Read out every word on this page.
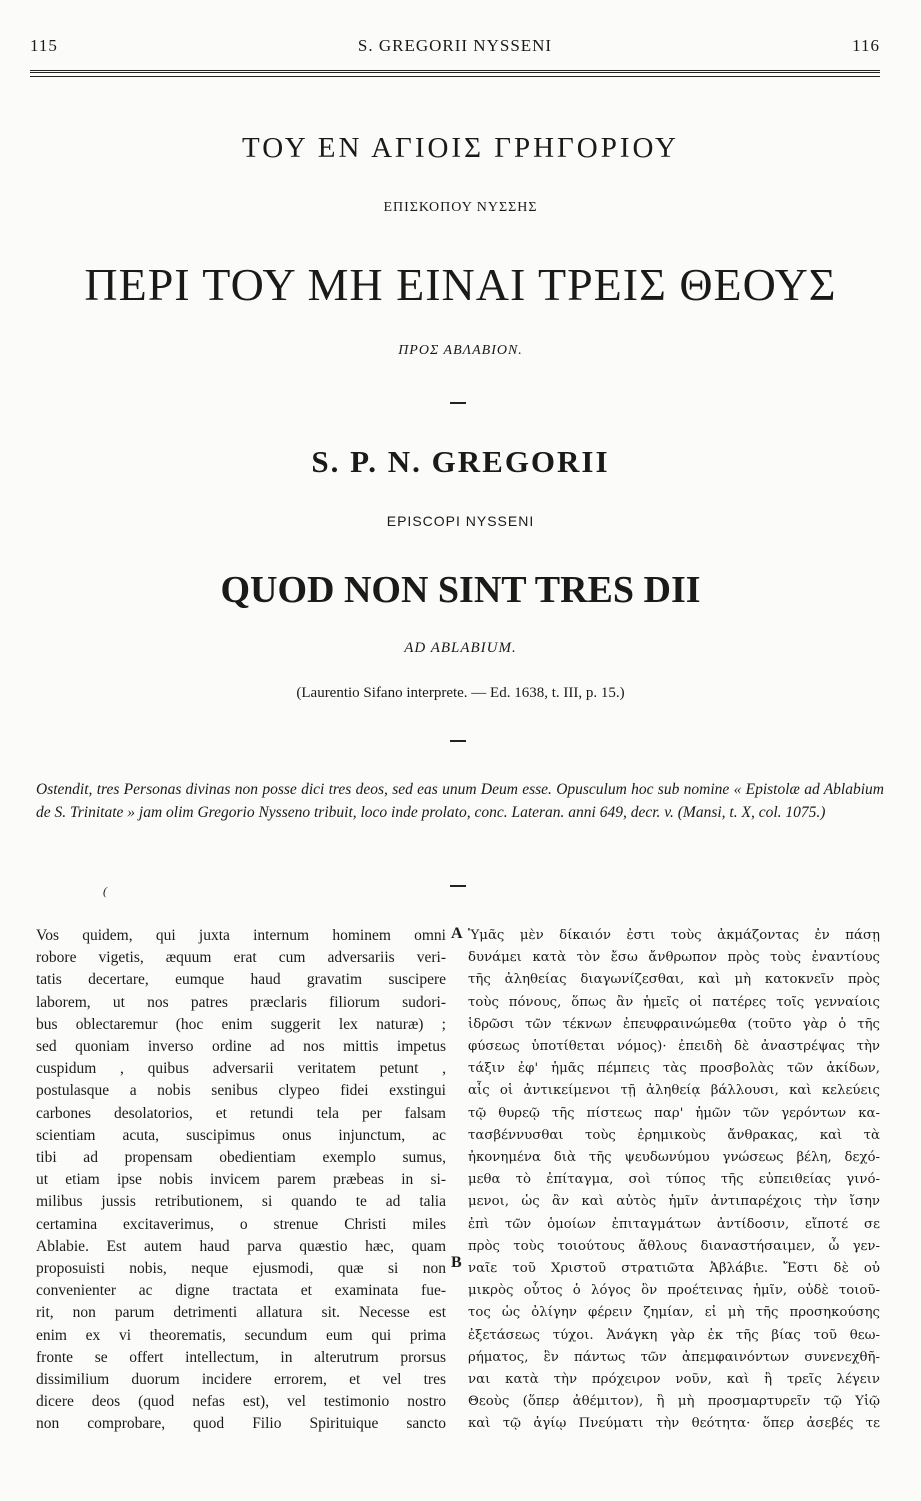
115	S. GREGORII NYSSENI	116
ΤΟΥ ΕΝ ΑΓΙΟΙΣ ΓΡΗΓΟΡΙΟΥ
ΕΠΙΣΚΟΠΟΥ ΝΥΣΣΗΣ
ΠΕΡΙ ΤΟΥ ΜΗ ΕΙΝΑΙ ΤΡΕΙΣ ΘΕΟΥΣ
ΠΡΟΣ ΑΒΛΑΒΙΟΝ.
S. P. N. GREGORII
EPISCOPI NYSSENI
QUOD NON SINT TRES DII
AD ABLABIUM.
(Laurentio Sifano interprete. — Ed. 1638, t. III, p. 15.)
Ostendit, tres Personas divinas non posse dici tres deos, sed eas unum Deum esse. Opusculum hoc sub nomine « Epistolæ ad Ablabium de S. Trinitate » jam olim Gregorio Nysseno tribuit, loco inde prolato, conc. Lateran. anni 649, decr. v. (Mansi, t. X, col. 1075.)
(
Vos quidem, qui juxta internum hominem omni
robore vigetis, æquum erat cum adversariis veri-
tatis decertare, eumque haud gravatim suscipere
laborem, ut nos patres præclaris filiorum sudori-
bus oblectaremur (hoc enim suggerit lex naturæ) ;
sed quoniam inverso ordine ad nos mittis impetus
cuspidum , quibus adversarii veritatem petunt ,
postulasque a nobis senibus clypeo fidei exstingui
carbones desolatorios, et retundi tela per falsam
scientiam acuta, suscipimus onus injunctum, ac
tibi ad propensam obedientiam exemplo sumus,
ut etiam ipse nobis invicem parem præbeas in si-
milibus jussis retributionem, si quando te ad talia
certamina excitaverimus, o strenue Christi miles
Ablabie. Est autem haud parva quæstio hæc, quam
proposuisti nobis, neque ejusmodi, quæ si non
convenienter ac digne tractata et examinata fue-
rit, non parum detrimenti allatura sit. Necesse est
enim ex vi theorematis, secundum eum qui prima
fronte se offert intellectum, in alterutrum prorsus
dissimilium duorum incidere errorem, et vel tres
dicere deos (quod nefas est), vel testimonio nostro
non comprobare, quod Filio Spirituique sancto
Ὑμᾶς μὲν δίκαιόν ἐστι τοὺς ἀκμάζοντας ἐν πάσῃ
δυνάμει κατὰ τὸν ἔσω ἄνθρωπον πρὸς τοὺς ἐναντίους
τῆς ἀληθείας διαγωνίζεσθαι, καὶ μὴ κατοκνεῖν πρὸς
τοὺς πόνους, ὅπως ἂν ἡμεῖς οἱ πατέρες τοῖς γενναίοις
ἱδρῶσι τῶν τέκνων ἐπευφραινώμεθα (τοῦτο γὰρ ὁ τῆς
φύσεως ὑποτίθεται νόμος)· ἐπειδὴ δὲ ἀναστρέψας τὴν
τάξιν ἐφ' ἡμᾶς πέμπεις τὰς προσβολὰς τῶν ἀκίδων,
αἷς οἱ ἀντικείμενοι τῇ ἀληθείᾳ βάλλουσι, καὶ κελεύεις
τῷ θυρεῷ τῆς πίστεως παρ' ἡμῶν τῶν γερόντων κα-
τασβέννυσθαι τοὺς ἐρημικοὺς ἄνθρακας, καὶ τὰ
ἠκονημένα διὰ τῆς ψευδωνύμου γνώσεως βέλη, δεχό-
μεθα τὸ ἐπίταγμα, σοὶ τύπος τῆς εὐπειθείας γινό-
μενοι, ὡς ἂν καὶ αὐτὸς ἡμῖν ἀντιπαρέχοις τὴν ἴσην
ἐπὶ τῶν ὁμοίων ἐπιταγμάτων ἀντίδοσιν, εἴποτέ σε
πρὸς τοὺς τοιούτους ἄθλους διαναστήσαιμεν, ὦ γεν-
ναῖε τοῦ Χριστοῦ στρατιῶτα Ἀβλάβιε. Ἔστι δὲ οὐ
μικρὸς οὗτος ὁ λόγος ὃν προέτεινας ἡμῖν, οὐδὲ τοιοῦ-
τος ὡς ὀλίγην φέρειν ζημίαν, εἰ μὴ τῆς προσηκούσης
ἐξετάσεως τύχοι. Ἀνάγκη γὰρ ἐκ τῆς βίας τοῦ θεω-
ρήματος, ἓν πάντως τῶν ἀπεμφαινόντων συνενεχθῆ-
ναι κατὰ τὴν πρόχειρον νοῦν, καὶ ἢ τρεῖς λέγειν
Θεοὺς (ὅπερ ἀθέμιτον), ἢ μὴ προσμαρτυρεῖν τῷ Υἱῷ
καὶ τῷ ἁγίῳ Πνεύματι τὴν θεότητα· ὅπερ ἀσεβές τε
A
B
